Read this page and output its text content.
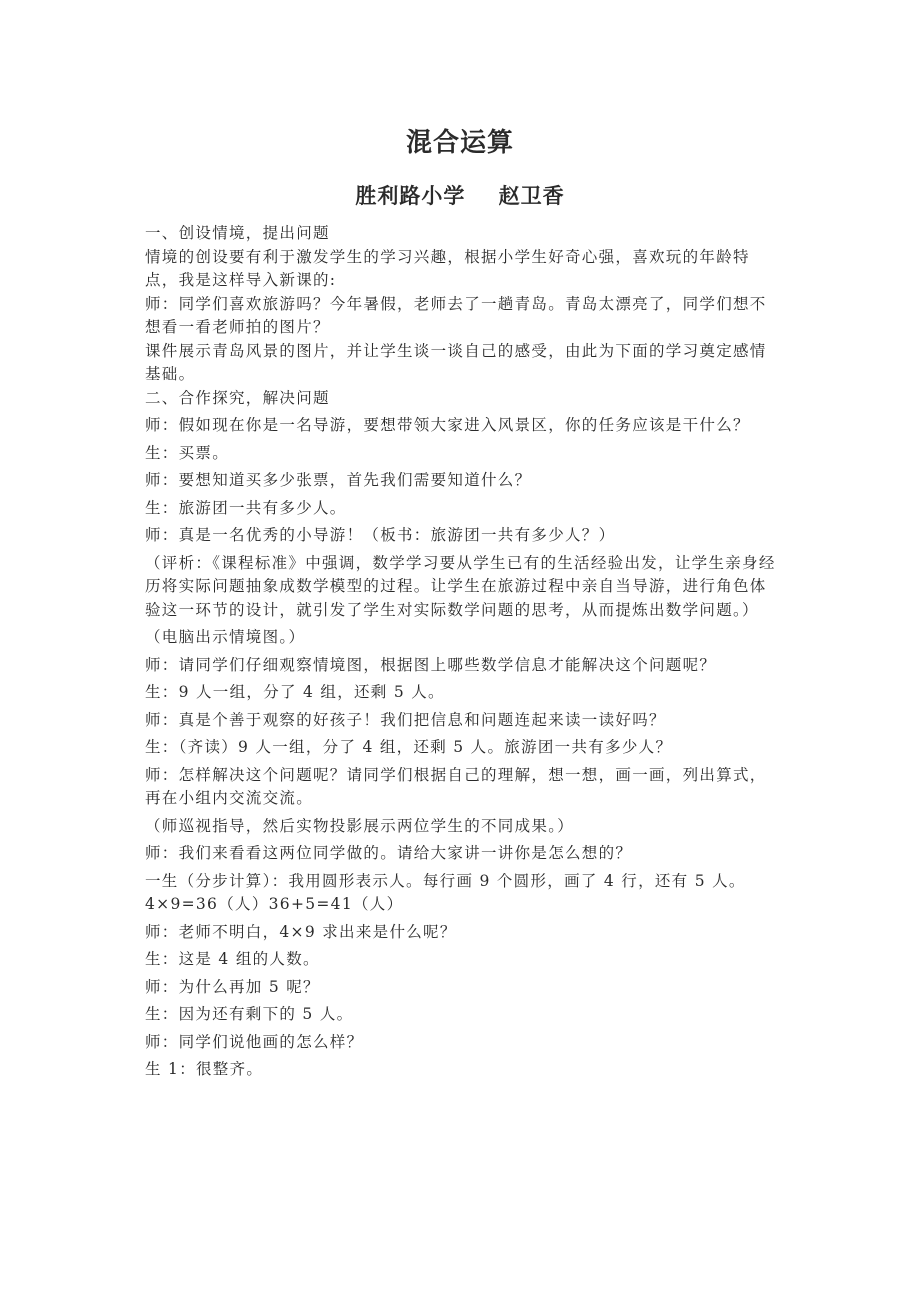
混合运算
胜利路小学    赵卫香

一、创设情境，提出问题

情境的创设要有利于激发学生的学习兴趣，根据小学生好奇心强，喜欢玩的年龄特点，我是这样导入新课的:

师：同学们喜欢旅游吗？今年暑假，老师去了一趟青岛。青岛太漂亮了，同学们想不想看一看老师拍的图片？

课件展示青岛风景的图片，并让学生谈一谈自己的感受，由此为下面的学习奠定感情基础。

二、合作探究，解决问题

师：假如现在你是一名导游，要想带领大家进入风景区，你的任务应该是干什么？

生：买票。

师：要想知道买多少张票，首先我们需要知道什么？

生：旅游团一共有多少人。

师：真是一名优秀的小导游！（板书：旅游团一共有多少人？）

（评析：《课程标准》中强调，数学学习要从学生已有的生活经验出发，让学生亲身经历将实际问题抽象成数学模型的过程。让学生在旅游过程中亲自当导游，进行角色体验这一环节的设计，就引发了学生对实际数学问题的思考，从而提炼出数学问题。）

（电脑出示情境图。）

师：请同学们仔细观察情境图，根据图上哪些数学信息才能解决这个问题呢？

生：9 人一组，分了 4 组，还剩 5 人。

师：真是个善于观察的好孩子！我们把信息和问题连起来读一读好吗？

生：（齐读）9 人一组，分了 4 组，还剩 5 人。旅游团一共有多少人？

师：怎样解决这个问题呢？请同学们根据自己的理解，想一想，画一画，列出算式，再在小组内交流交流。

（师巡视指导，然后实物投影展示两位学生的不同成果。）

师：我们来看看这两位同学做的。请给大家讲一讲你是怎么想的？

一生（分步计算）：我用圆形表示人。每行画 9 个圆形，画了 4 行，还有 5 人。4×9=36（人）36+5=41（人）

师：老师不明白，4×9 求出来是什么呢？

生：这是 4 组的人数。

师：为什么再加 5 呢？

生：因为还有剩下的 5 人。

师：同学们说他画的怎么样？

生 1：很整齐。
